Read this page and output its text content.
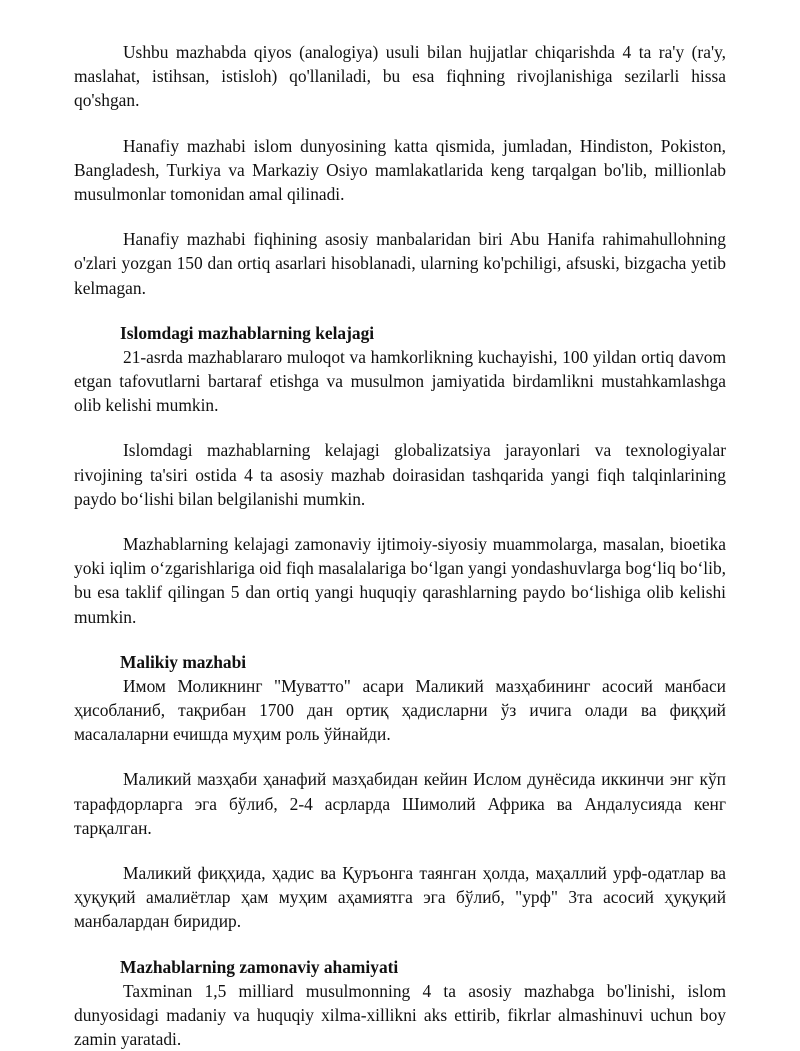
Ushbu mazhabda qiyos (analogiya) usuli bilan hujjatlar chiqarishda 4 ta ra'y (ra'y, maslahat, istihsan, istisloh) qo'llaniladi, bu esa fiqhning rivojlanishiga sezilarli hissa qo'shgan.

Hanafiy mazhabi islom dunyosining katta qismida, jumladan, Hindiston, Pokiston, Bangladesh, Turkiya va Markaziy Osiyo mamlakatlarida keng tarqalgan bo'lib, millionlab musulmonlar tomonidan amal qilinadi.

Hanafiy mazhabi fiqhining asosiy manbalaridan biri Abu Hanifa rahimahullohning o'zlari yozgan 150 dan ortiq asarlari hisoblanadi, ularning ko'pchiligi, afsuski, bizgacha yetib kelmagan.

Islomdagi mazhablarning kelajagi

21-asrda mazhablararo muloqot va hamkorlikning kuchayishi, 100 yildan ortiq davom etgan tafovutlarni bartaraf etishga va musulmon jamiyatida birdamlikni mustahkamlashga olib kelishi mumkin.

Islomdagi mazhablarning kelajagi globalizatsiya jarayonlari va texnologiyalar rivojining ta'siri ostida 4 ta asosiy mazhab doirasidan tashqarida yangi fiqh talqinlarining paydo bo‘lishi bilan belgilanishi mumkin.

Mazhablarning kelajagi zamonaviy ijtimoiy-siyosiy muammolarga, masalan, bioetika yoki iqlim o‘zgarishlariga oid fiqh masalalariga bo‘lgan yangi yondashuvlarga bog‘liq bo‘lib, bu esa taklif qilingan 5 dan ortiq yangi huquqiy qarashlarning paydo bo‘lishiga olib kelishi mumkin.

Malikiy mazhabi

Имом Моликнинг "Муватто" асари Маликий мазҳабининг асосий манбаси ҳисобланиб, тақрибан 1700 дан ортиқ ҳадисларни ўз ичига олади ва фиқҳий масалаларни ечишда муҳим роль ўйнайди.

Маликий мазҳаби ҳанафий мазҳабидан кейин Ислом дунёсида иккинчи энг кўп тарафдорларга эга бўлиб, 2-4 асрларда Шимолий Африка ва Андалусияда кенг тарқалган.

Маликий фиқҳида, ҳадис ва Қуръонга таянган ҳолда, маҳаллий урф-одатлар ва ҳуқуқий амалиётлар ҳам муҳим аҳамиятга эга бўлиб, "урф" 3та асосий ҳуқуқий манбалардан биридир.

Mazhablarning zamonaviy ahamiyati

Taxminan 1,5 milliard musulmonning 4 ta asosiy mazhabga bo'linishi, islom dunyosidagi madaniy va huquqiy xilma-xillikni aks ettirib, fikrlar almashinuvi uchun boy zamin yaratadi.
